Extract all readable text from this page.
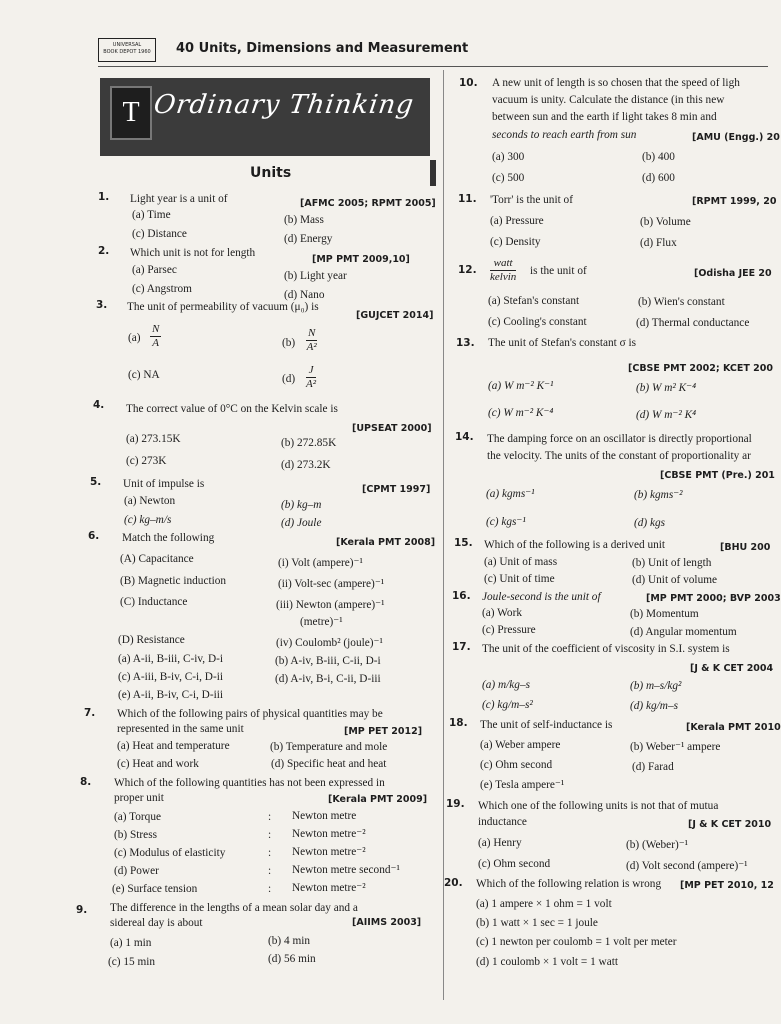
UNIVERSAL
BOOK DEPOT 1960	40 Units, Dimensions and Measurement
T Ordinary Thinking
Units
1. Light year is a unit of	[AFMC 2005; RPMT 2005]
(a) Time	(b) Mass
(c) Distance	(d) Energy
2. Which unit is not for length
[MP PMT 2009,10]
(a) Parsec	(b) Light year
(c) Angstrom	(d) Nano
3. The unit of permeability of vacuum (μ₀) is
[GUJCET 2014]
$(a) \frac{N}{A}$	$(b) \frac{N}{\text{A²}}$
(c) NA	$(d) \frac{J}{\text{A²}}$
4. The correct value of 0°C on the Kelvin scale is
[UPSEAT 2000]
(a) 273.15K	(b) 272.85K
(c) 273K	(d) 273.2K
5. Unit of impulse is	[CPMT 1997]
(a) Newton	(b) kg–m
(c) kg–m/s	(d) Joule
6. Match the following	[Kerala PMT 2008]
(A) Capacitance	(i) Volt (ampere)⁻¹
(B) Magnetic induction	(ii) Volt-sec (ampere)⁻¹
(C) Inductance	(iii) Newton (ampere)⁻¹
(metre)⁻¹
(D) Resistance	(iv) Coulomb² (joule)⁻¹
(a) A-ii, B-iii, C-iv, D-i	(b) A-iv, B-iii, C-ii, D-i
(c) A-iii, B-iv, C-i, D-ii	(d) A-iv, B-i, C-ii, D-iii
(e) A-ii, B-iv, C-i, D-iii
7. Which of the following pairs of physical quantities may be
represented in the same unit	[MP PET 2012]
(a) Heat and temperature	(b) Temperature and mole
(c) Heat and work	(d) Specific heat and heat
8. Which of the following quantities has not been expressed in
proper unit	[Kerala PMT 2009]
(a) Torque	: Newton metre
(b) Stress	: Newton metre⁻²
(c) Modulus of elasticity	: Newton metre⁻²
(d) Power	: Newton metre second⁻¹
(e) Surface tension	: Newton metre⁻²
9. The difference in the lengths of a mean solar day and a
sidereal day is about	[AIIMS 2003]
(a) 1 min	(b) 4 min
(c) 15 min	(d) 56 min
10. A new unit of length is so chosen that the speed of ligh
vacuum is unity. Calculate the distance (in this new
between sun and the earth if light takes 8 min and
seconds to reach earth from sun	[AMU (Engg.) 20
(a) 300	(b) 400
(c) 500	(d) 600
11. 'Torr' is the unit of	[RPMT 1999, 20
(a) Pressure	(b) Volume
(c) Density	(d) Flux
12.
watt
kelvin is the unit of	[Odisha JEE 20
(a) Stefan's constant	(b) Wien's constant
(c) Cooling's constant	(d) Thermal conductance
13. The unit of Stefan's constant σ is
[CBSE PMT 2002; KCET 200
(a) W m⁻² K⁻¹	(b) W m² K⁻⁴
(c) W m⁻² K⁻⁴	(d) W m⁻² K⁴
14. The damping force on an oscillator is directly proportional
the velocity. The units of the constant of proportionality ar
[CBSE PMT (Pre.) 201
(a) kgms⁻¹	(b) kgms⁻²
(c) kgs⁻¹	(d) kgs
15. Which of the following is a derived unit	[BHU 200
(a) Unit of mass	(b) Unit of length
(c) Unit of time	(d) Unit of volume
16. Joule-second is the unit of	[MP PMT 2000; BVP 2003
(a) Work	(b) Momentum
(c) Pressure	(d) Angular momentum
17. The unit of the coefficient of viscosity in S.I. system is
[J & K CET 2004
(a) m/kg–s	(b) m–s/kg²
(c) kg/m–s²	(d) kg/m–s
18. The unit of self-inductance is	[Kerala PMT 2010
(a) Weber ampere	(b) Weber⁻¹ ampere
(c) Ohm second	(d) Farad
(e) Tesla ampere⁻¹
19. Which one of the following units is not that of mutua
inductance	[J & K CET 2010
(a) Henry	(b) (Weber)⁻¹
(c) Ohm second	(d) Volt second (ampere)⁻¹
20. Which of the following relation is wrong [MP PET 2010, 12
(a) 1 ampere × 1 ohm = 1 volt
(b) 1 watt × 1 sec = 1 joule
(c) 1 newton per coulomb = 1 volt per meter
(d) 1 coulomb × 1 volt = 1 watt
